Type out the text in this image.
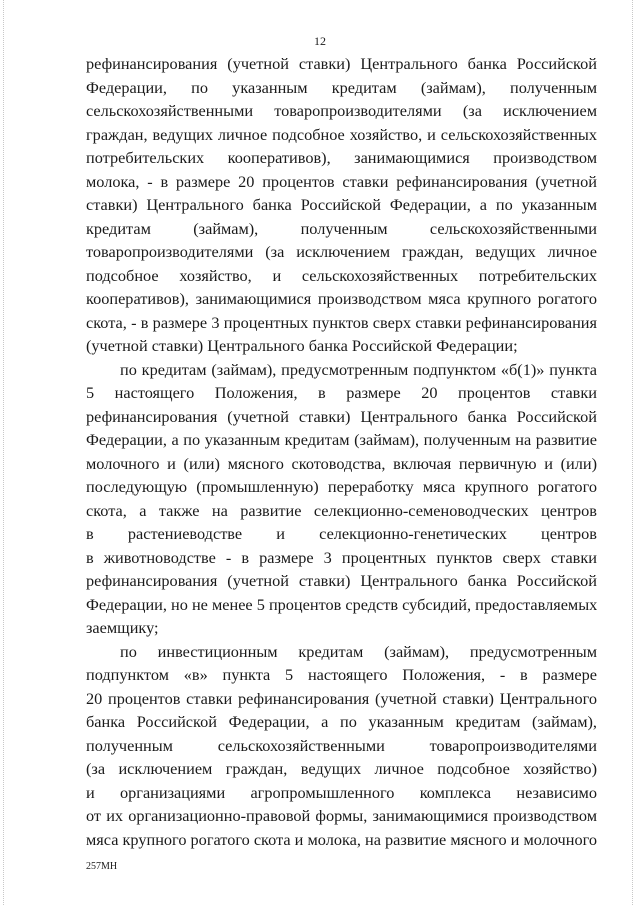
12
рефинансирования (учетной ставки) Центрального банка Российской
Федерации, по указанным кредитам (займам), полученным
сельскохозяйственными товаропроизводителями (за исключением
граждан, ведущих личное подсобное хозяйство, и сельскохозяйственных
потребительских кооперативов), занимающимися производством
молока, - в размере 20 процентов ставки рефинансирования (учетной
ставки) Центрального банка Российской Федерации, а по указанным
кредитам (займам), полученным сельскохозяйственными
товаропроизводителями (за исключением граждан, ведущих личное
подсобное хозяйство, и сельскохозяйственных потребительских
кооперативов), занимающимися производством мяса крупного рогатого
скота, - в размере 3 процентных пунктов сверх ставки рефинансирования
(учетной ставки) Центрального банка Российской Федерации;
по кредитам (займам), предусмотренным подпунктом «б(1)» пункта
5 настоящего Положения, в размере 20 процентов ставки
рефинансирования (учетной ставки) Центрального банка Российской
Федерации, а по указанным кредитам (займам), полученным на развитие
молочного и (или) мясного скотоводства, включая первичную и (или)
последующую (промышленную) переработку мяса крупного рогатого
скота, а также на развитие селекционно-семеноводческих центров
в растениеводстве и селекционно-генетических центров
в животноводстве - в размере 3 процентных пунктов сверх ставки
рефинансирования (учетной ставки) Центрального банка Российской
Федерации, но не менее 5 процентов средств субсидий, предоставляемых
заемщику;
по инвестиционным кредитам (займам), предусмотренным
подпунктом «в» пункта 5 настоящего Положения, - в размере
20 процентов ставки рефинансирования (учетной ставки) Центрального
банка Российской Федерации, а по указанным кредитам (займам),
полученным сельскохозяйственными товаропроизводителями
(за исключением граждан, ведущих личное подсобное хозяйство)
и организациями агропромышленного комплекса независимо
от их организационно-правовой формы, занимающимися производством
мяса крупного рогатого скота и молока, на развитие мясного и молочного
257МН
